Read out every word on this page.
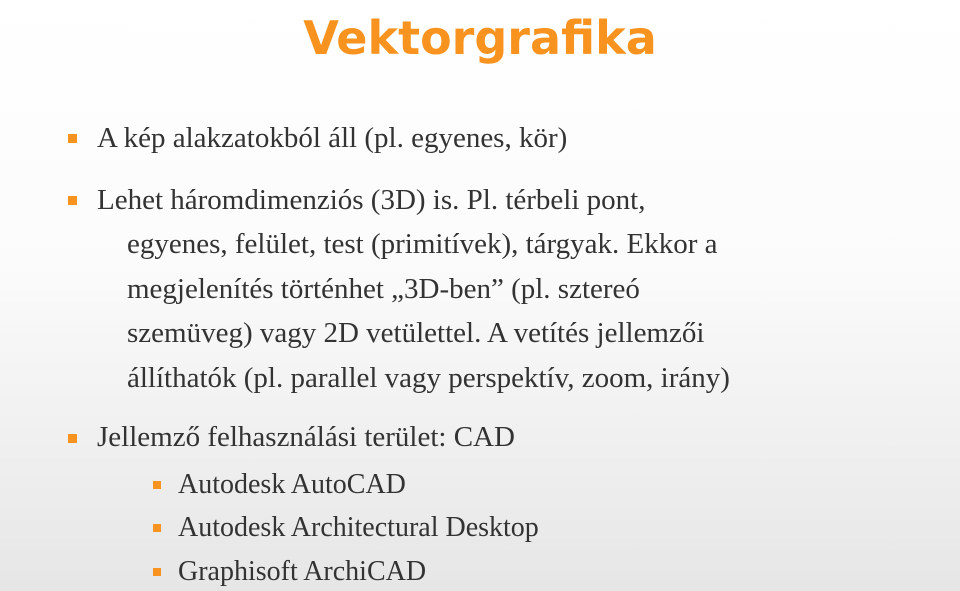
Vektorgrafika
A kép alakzatokból áll (pl. egyenes, kör)
Lehet háromdimenziós (3D) is. Pl. térbeli pont,
egyenes, felület, test (primitívek), tárgyak. Ekkor a
megjelenítés történhet „3D-ben” (pl. sztereó
szemüveg) vagy 2D vetülettel. A vetítés jellemzői
állíthatók (pl. parallel vagy perspektív, zoom, irány)
Jellemző felhasználási terület: CAD
Autodesk AutoCAD
Autodesk Architectural Desktop
Graphisoft ArchiCAD
